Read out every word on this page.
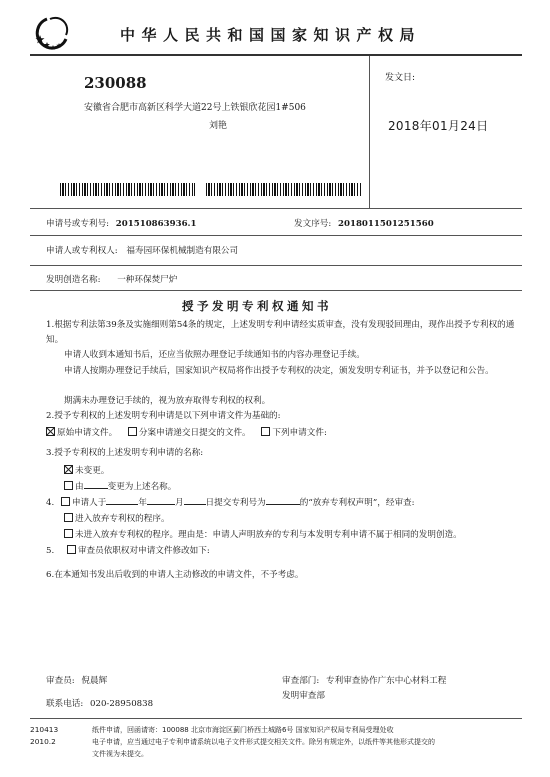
中华人民共和国国家知识产权局
230088
安徽省合肥市高新区科学大道22号上铁银欣花园1#506
刘艳
发文日:
2018年01月24日
申请号或专利号: 201510863936.1	发文序号: 2018011501251560
申请人或专利权人: 福寿园环保机械制造有限公司
发明创造名称: 一种环保焚尸炉
授予发明专利权通知书
1.根据专利法第39条及实施细则第54条的规定，上述发明专利申请经实质审查，没有发现驳回理由，现作出授予专利权的通知。
申请人收到本通知书后，还应当依照办理登记手续通知书的内容办理登记手续。
申请人按期办理登记手续后，国家知识产权局将作出授予专利权的决定，颁发发明专利证书，并予以登记和公告。
期满未办理登记手续的，视为放弃取得专利权的权利。
2.授予专利权的上述发明专利申请是以下列申请文件为基础的:
原始申请文件。	分案申请递交日提交的文件。	下列申请文件:
3.授予专利权的上述发明专利申请的名称:
未变更。
由	变更为上述名称。
4. 申请人于	年	月	日提交专利号为	的“放弃专利权声明”，经审查:
进入放弃专利权的程序。
未进入放弃专利权的程序。理由是：申请人声明放弃的专利与本发明专利申请不属于相同的发明创造。
5.	审查员依职权对申请文件修改如下:
6.在本通知书发出后收到的申请人主动修改的申请文件，不予考虑。
审查员: 倪晨辉	审查部门: 专利审查协作广东中心材料工程
发明审查部
联系电话: 020-28950838
210413
2010.2
纸件申请，回函请寄：100088 北京市海淀区蓟门桥西土城路6号 国家知识产权局专利局受理处收
电子申请，应当通过电子专利申请系统以电子文件形式提交相关文件。除另有规定外，以纸件等其他形式提交的
文件视为未提交。
